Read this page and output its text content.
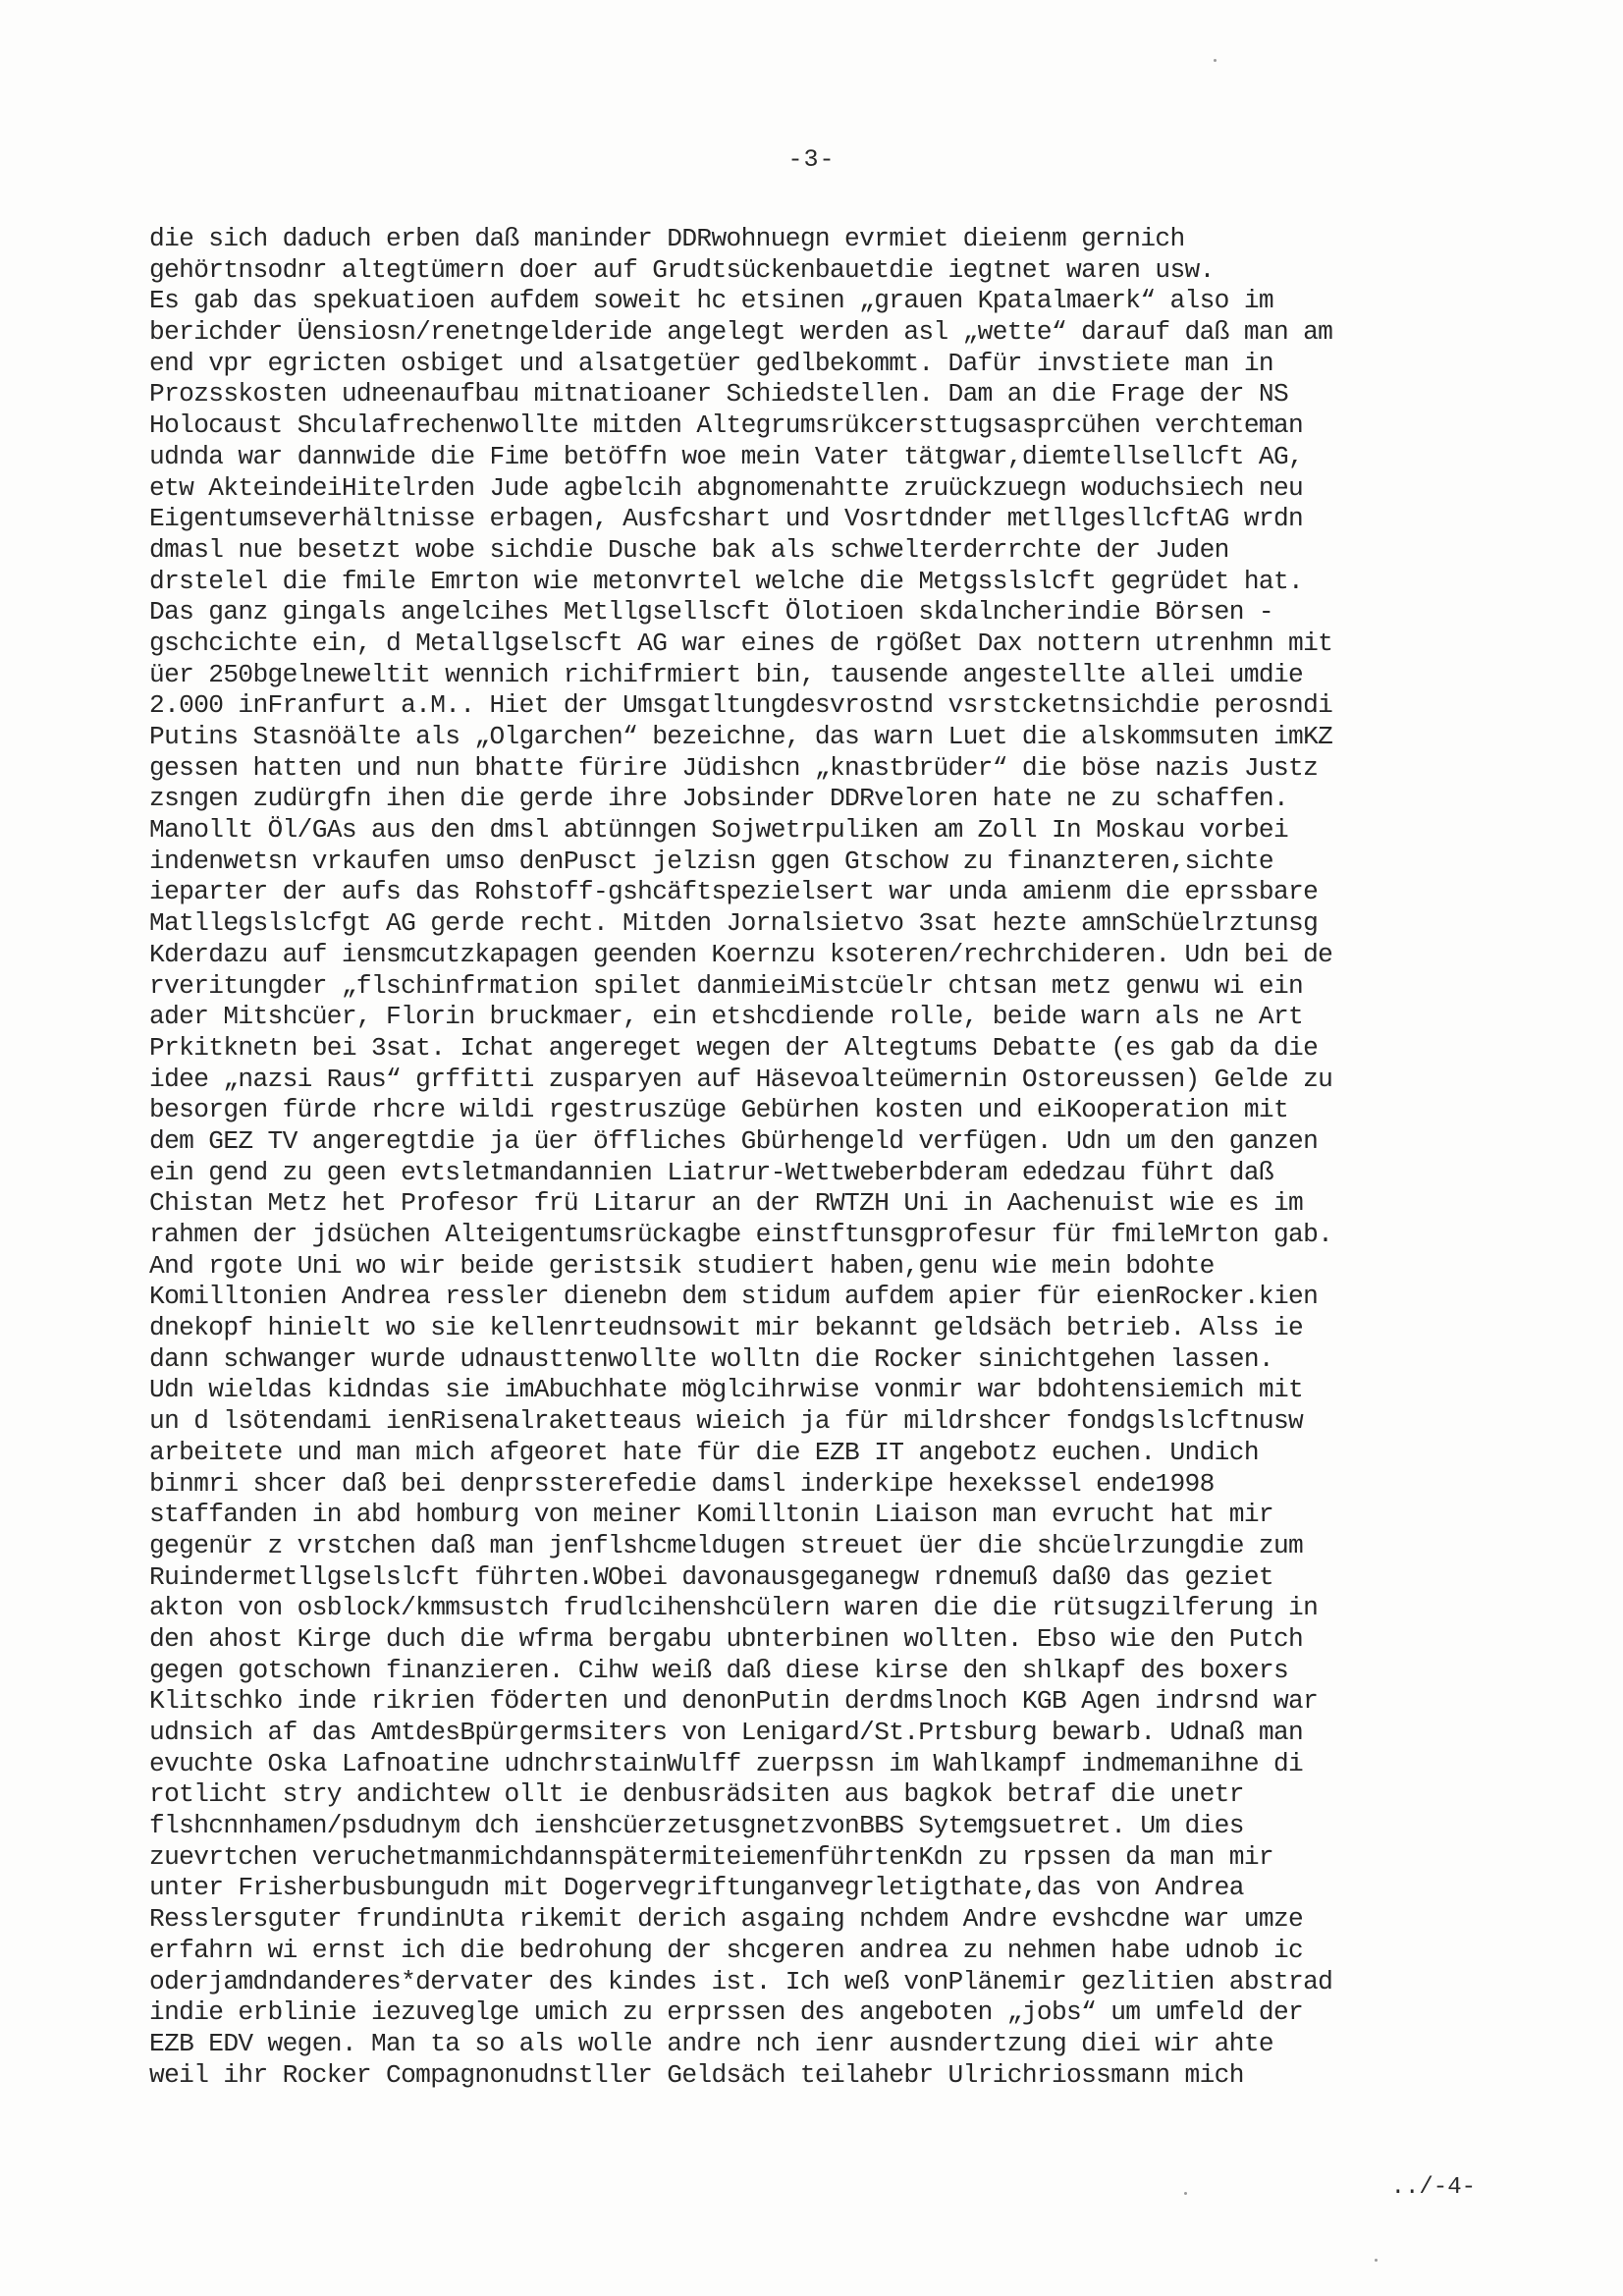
-3-
die sich daduch erben daß maninder DDRwohnuegn evrmiet dieienm gernich
gehörtnsodnr altegtümern doer auf Grudtsückenbauetdie iegtnet waren usw.
Es gab das spekuatioen aufdem soweit hc etsinen „grauen Kpatalmaerk“ also im
berichder Üensiosn/renetngelderide angelegt werden asl „wette“ darauf daß man am
end vpr egricten osbiget und alsatgetüer gedlbekommt. Dafür invstiete man in
Prozsskosten udneenaufbau mitnatioaner Schiedstellen. Dam an die Frage der NS
Holocaust Shculafrechenwollte mitden Altegrumsrükcersttugsasprcühen verchteman
udnda war dannwide die Fime betöffn woe mein Vater tätgwar,diemtellsellcft AG,
etw AkteindeiHitelrden Jude agbelcih abgnomenahtte zruückzuegn woduchsiech neu
Eigentumseverhältnisse erbagen, Ausfcshart und Vosrtdnder metllgesllcftAG wrdn
dmasl nue besetzt wobe sichdie Dusche bak als schwelterderrchte der Juden
drstelel die fmile Emrton wie metonvrtel welche die Metgsslslcft gegrüdet hat.
Das ganz gingals angelcihes Metllgsellscft Ölotioen skdalncherindie Börsen -
gschcichte ein, d Metallgselscft AG war eines de rgößet Dax nottern utrenhmn mit
üer 250bgelneweltit wennich richifrmiert bin, tausende angestellte allei umdie
2.000 inFranfurt a.M.. Hiet der Umsgatltungdesvrostnd vsrstcketnsichdie perosndi
Putins Stasnöälte als „Olgarchen“ bezeichne, das warn Luet die alskommsuten imKZ
gessen hatten und nun bhatte fürire Jüdishcn „knastbrüder“ die böse nazis Justz
zsngen zudürgfn ihen die gerde ihre Jobsinder DDRveloren hate ne zu schaffen.
Manollt Öl/GAs aus den dmsl abtünngen Sojwetrpuliken am Zoll In Moskau vorbei
indenwetsn vrkaufen umso denPusct jelzisn ggen Gtschow zu finanzteren,sichte
ieparter der aufs das Rohstoff-gshcäftspezielsert war unda amienm die eprssbare
Matllegslslcfgt AG gerde recht. Mitden Jornalsietvo 3sat hezte amnSchüelrztunsg
Kderdazu auf iensmcutzkapagen geenden Koernzu ksoteren/rechrchideren. Udn bei de
rveritungder „flschinfrmation spilet danmieiMistcüelr chtsan metz genwu wi ein
ader Mitshcüer, Florin bruckmaer, ein etshcdiende rolle, beide warn als ne Art
Prkitknetn bei 3sat. Ichat angereget wegen der Altegtums Debatte (es gab da die
idee „nazsi Raus“ grffitti zusparyen auf Häsevoalteümernin Ostoreussen) Gelde zu
besorgen fürde rhcre wildi rgestruszüge Gebürhen kosten und eiKooperation mit
dem GEZ TV angeregtdie ja üer öffliches Gbürhengeld verfügen. Udn um den ganzen
ein gend zu geen evtsletmandannien Liatrur-Wettweberbderam ededzau führt daß
Chistan Metz het Profesor frü Litarur an der RWTZH Uni in Aachenuist wie es im
rahmen der jdsüchen Alteigentumsrückagbe einstftunsgprofesur für fmileMrton gab.
And rgote Uni wo wir beide geristsik studiert haben,genu wie mein bdohte
Komilltonien Andrea ressler dienebn dem stidum aufdem apier für eienRocker.kien
dnekopf hinielt wo sie kellenrteudnsowit mir bekannt geldsäch betrieb. Alss ie
dann schwanger wurde udnausttenwollte wolltn die Rocker sinichtgehen lassen.
Udn wieldas kidndas sie imAbuchhate möglcihrwise vonmir war bdohtensiemich mit
un d lsötendami ienRisenalraketteaus wieich ja für mildrshcer fondgslslcftnusw
arbeitete und man mich afgeoret hate für die EZB IT angebotz euchen. Undich
binmri shcer daß bei denprssterefedie damsl inderkipe hexekssel ende1998
staffanden in abd homburg von meiner Komilltonin Liaison man evrucht hat mir
gegenür z vrstchen daß man jenflshcmeldugen streuet üer die shcüelrzungdie zum
Ruindermetllgselslcft führten.WObei davonausgeganegw rdnemuß daß0 das geziet
akton von osblock/kmmsustch frudlcihenshcülern waren die die rütsugzilferung in
den ahost Kirge duch die wfrma bergabu ubnterbinen wollten. Ebso wie den Putch
gegen gotschown finanzieren. Cihw weiß daß diese kirse den shlkapf des boxers
Klitschko inde rikrien föderten und denonPutin derdmslnoch KGB Agen indrsnd war
udnsich af das AmtdesBpürgermsiters von Lenigard/St.Prtsburg bewarb. Udnaß man
evuchte Oska Lafnoatine udnchrstainWulff zuerpssn im Wahlkampf indmemanihne di
rotlicht stry andichtew ollt ie denbusrädsiten aus bagkok betraf die unetr
flshcnnhamen/psdudnym dch ienshcüerzetusgnetzvonBBS Sytemgsuetret. Um dies
zuevrtchen veruchetmanmichdannspätermiteiemenführtenKdn zu rpssen da man mir
unter Frisherbusbungudn mit Dogervegriftunganvegrletigthate,das von Andrea
Resslersguter frundinUta rikemit derich asgaing nchdem Andre evshcdne war umze
erfahrn wi ernst ich die bedrohung der shcgeren andrea zu nehmen habe udnob ic
oderjamdndanderes*dervater des kindes ist. Ich weß vonPlänemir gezlitien abstrad
indie erblinie iezuveglge umich zu erprssen des angeboten „jobs“ um umfeld der
EZB EDV wegen. Man ta so als wolle andre nch ienr ausndertzung diei wir ahte
weil ihr Rocker Compagnonudnstller Geldsäch teilahebr Ulrichriossmann mich
../-4-
